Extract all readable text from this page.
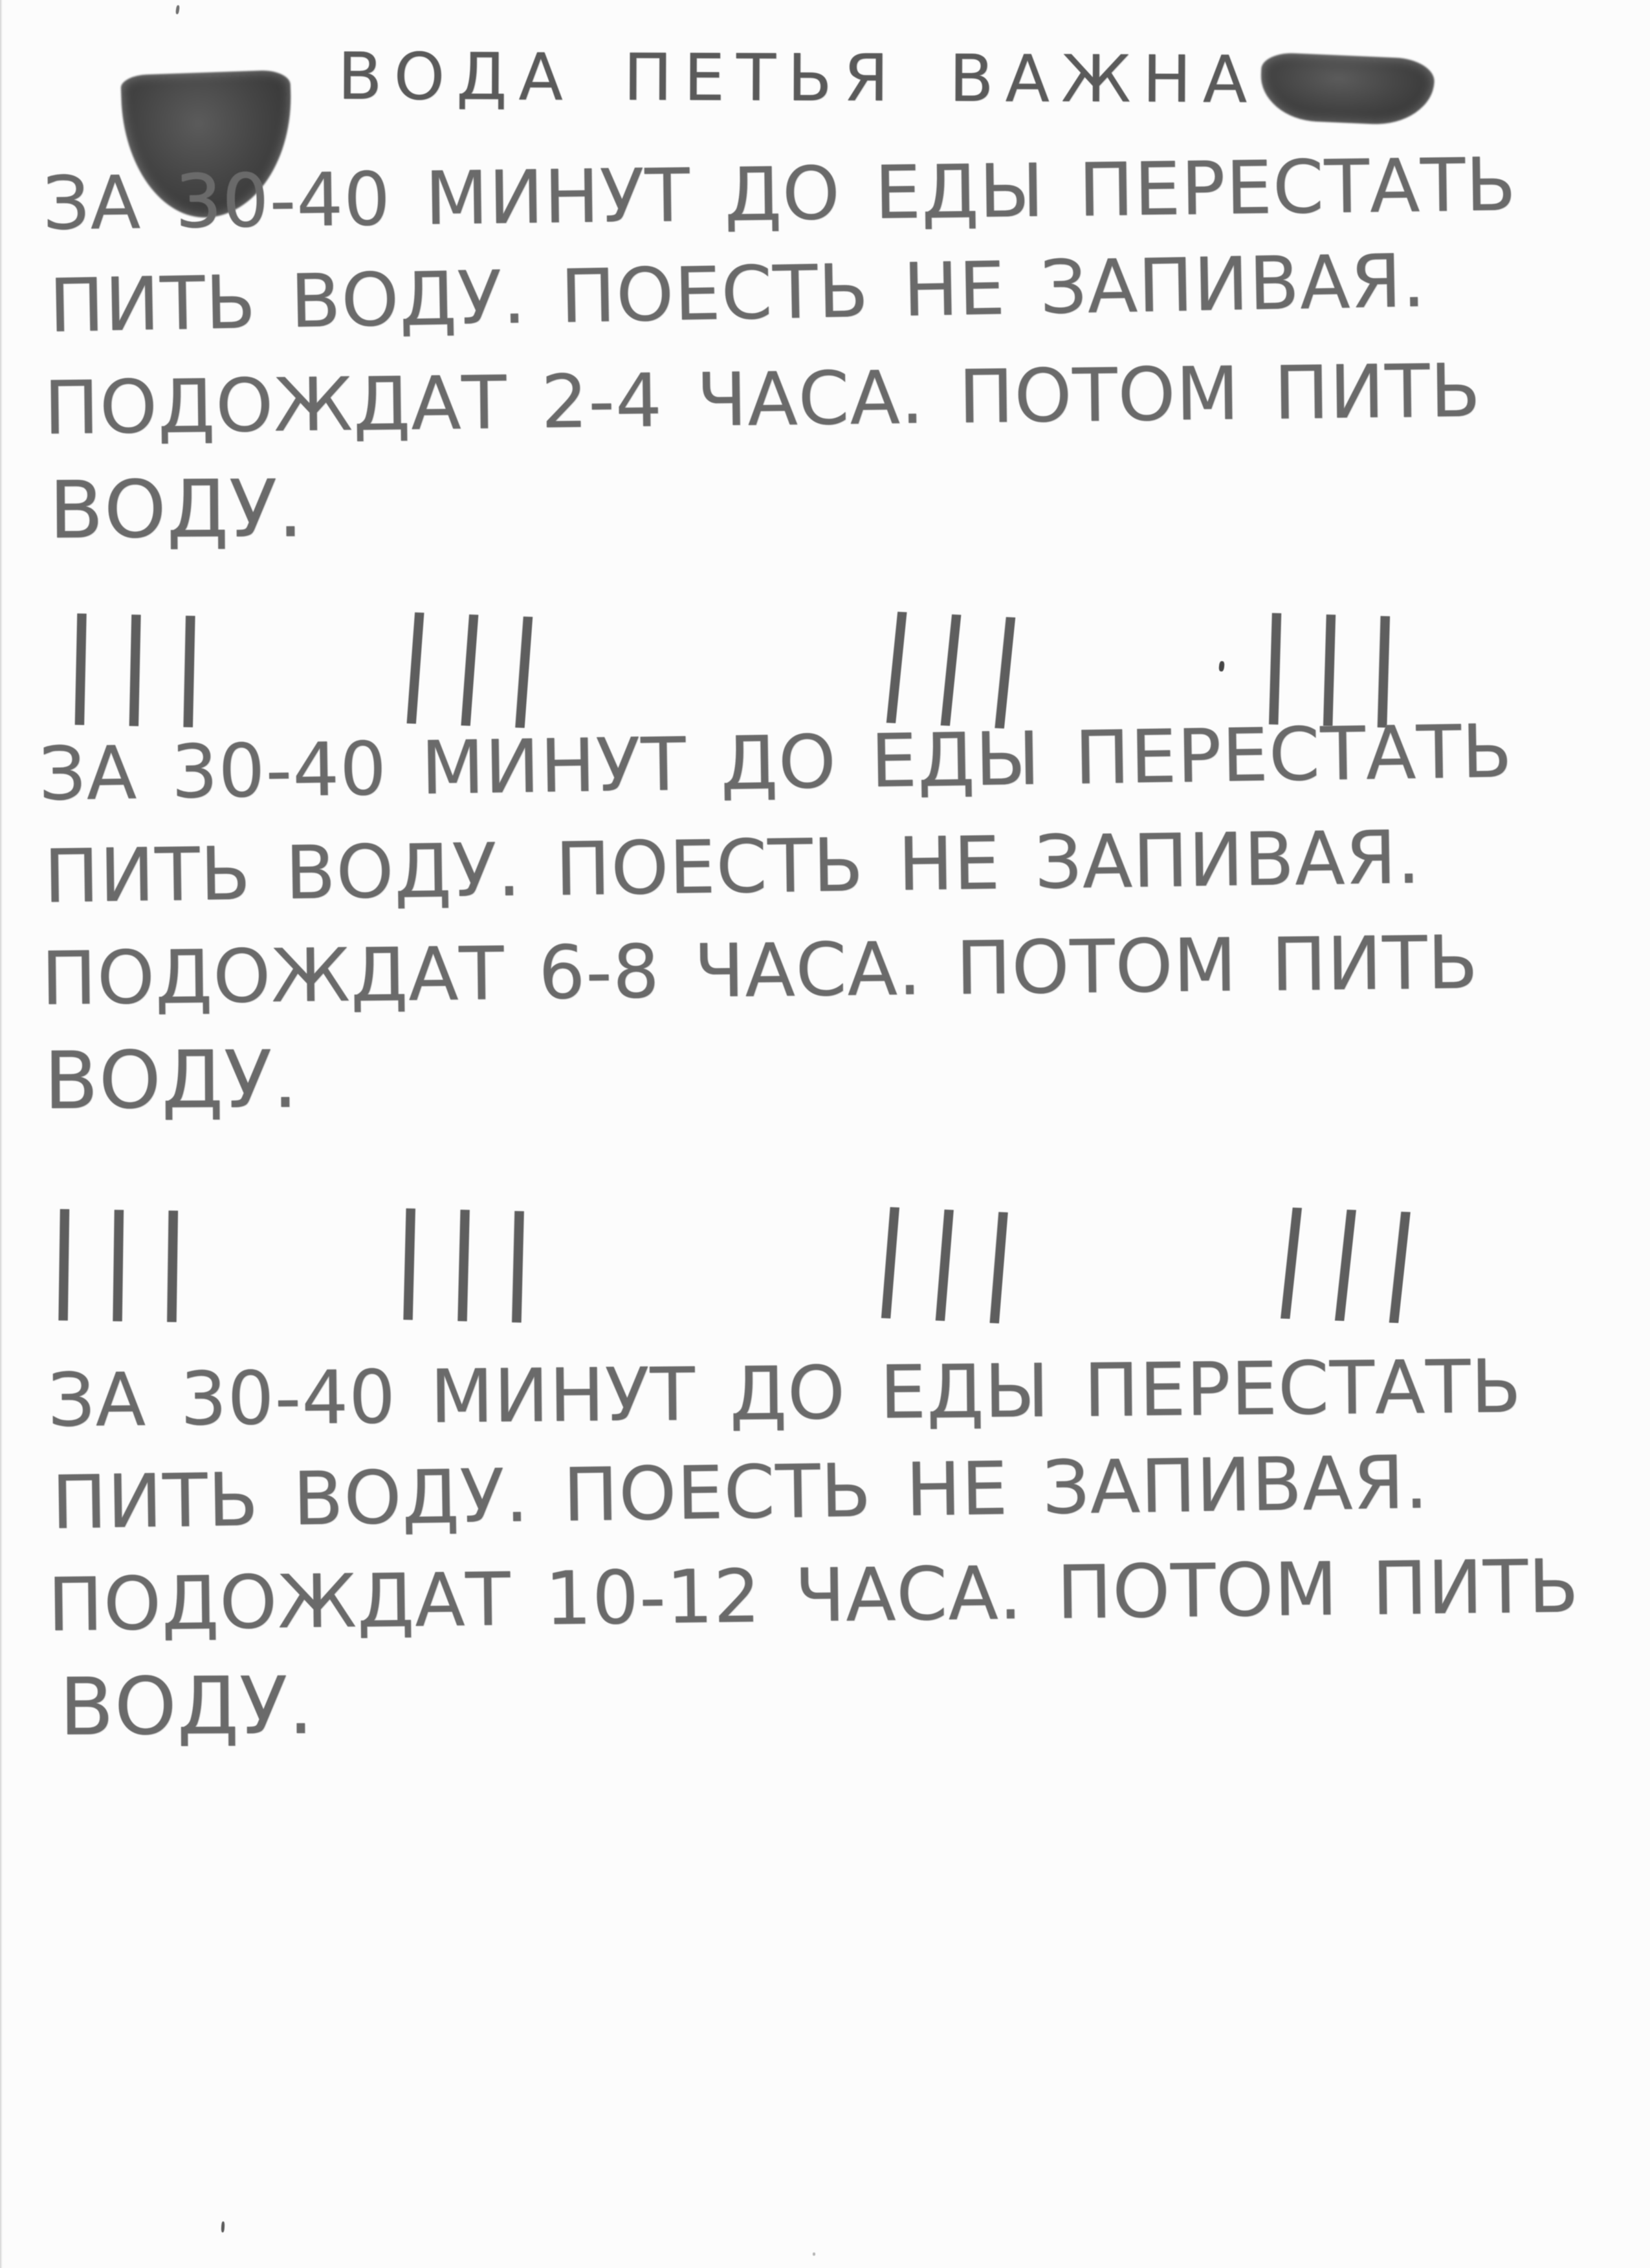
ВОДА ПЕТЬЯ ВАЖНА
ЗА 30-40 МИНУТ ДО ЕДЫ ПЕРЕСТАТЬ
ПИТЬ ВОДУ. ПОЕСТЬ НЕ ЗАПИВАЯ.
ПОДОЖДАТ 2-4 ЧАСА. ПОТОМ ПИТЬ
ВОДУ.
||| |||	||| |||
ЗА 30-40 МИНУТ ДО ЕДЫ ПЕРЕСТАТЬ
ПИТЬ ВОДУ. ПОЕСТЬ НЕ ЗАПИВАЯ.
ПОДОЖДАТ 6-8 ЧАСА. ПОТОМ ПИТЬ
ВОДУ.
||| |||	||| |||
ЗА 30-40 МИНУТ ДО ЕДЫ ПЕРЕСТАТЬ
ПИТЬ ВОДУ. ПОЕСТЬ НЕ ЗАПИВАЯ.
ПОДОЖДАТ 10-12 ЧАСА. ПОТОМ ПИТЬ
ВОДУ.
